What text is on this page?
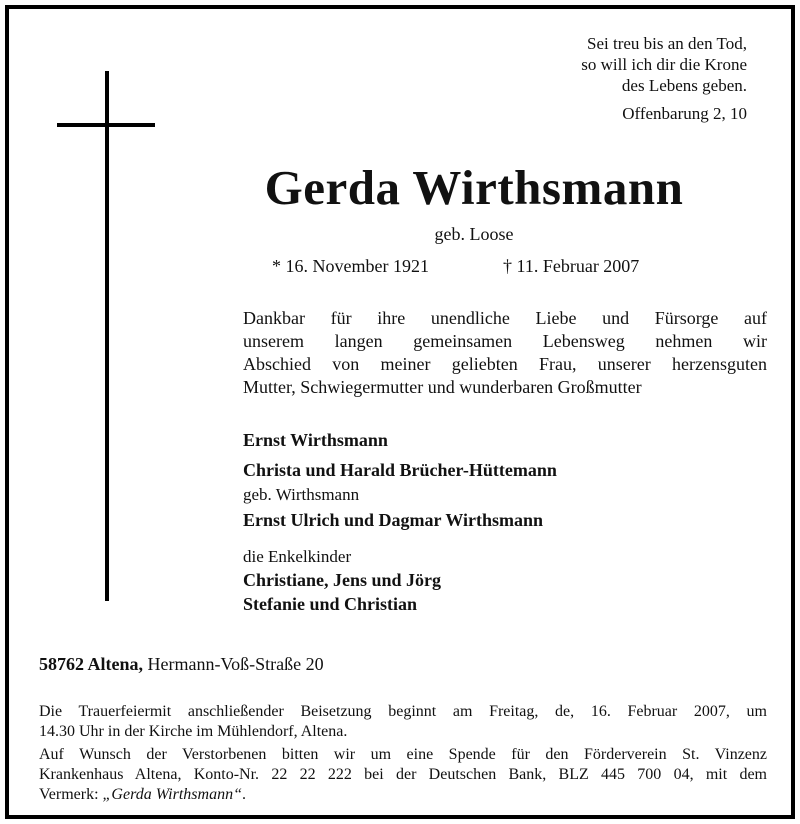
Sei treu bis an den Tod,
so will ich dir die Krone
des Lebens geben.
Offenbarung 2, 10
Gerda Wirthsmann
geb. Loose
* 16. November 1921	† 11. Februar 2007
Dankbar für ihre unendliche Liebe und Fürsorge auf
unserem langen gemeinsamen Lebensweg nehmen wir
Abschied von meiner geliebten Frau, unserer herzensguten
Mutter, Schwiegermutter und wunderbaren Großmutter
Ernst Wirthsmann
Christa und Harald Brücher-Hüttemann
geb. Wirthsmann
Ernst Ulrich und Dagmar Wirthsmann
die Enkelkinder
Christiane, Jens und Jörg
Stefanie und Christian
58762 Altena, Hermann-Voß-Straße 20
Die Trauerfeiermit anschließender Beisetzung beginnt am Freitag, de, 16. Februar 2007, um
14.30 Uhr in der Kirche im Mühlendorf, Altena.
Auf Wunsch der Verstorbenen bitten wir um eine Spende für den Förderverein St. Vinzenz
Krankenhaus Altena, Konto-Nr. 22 22 222 bei der Deutschen Bank, BLZ 445 700 04, mit dem
Vermerk: „Gerda Wirthsmann“.
